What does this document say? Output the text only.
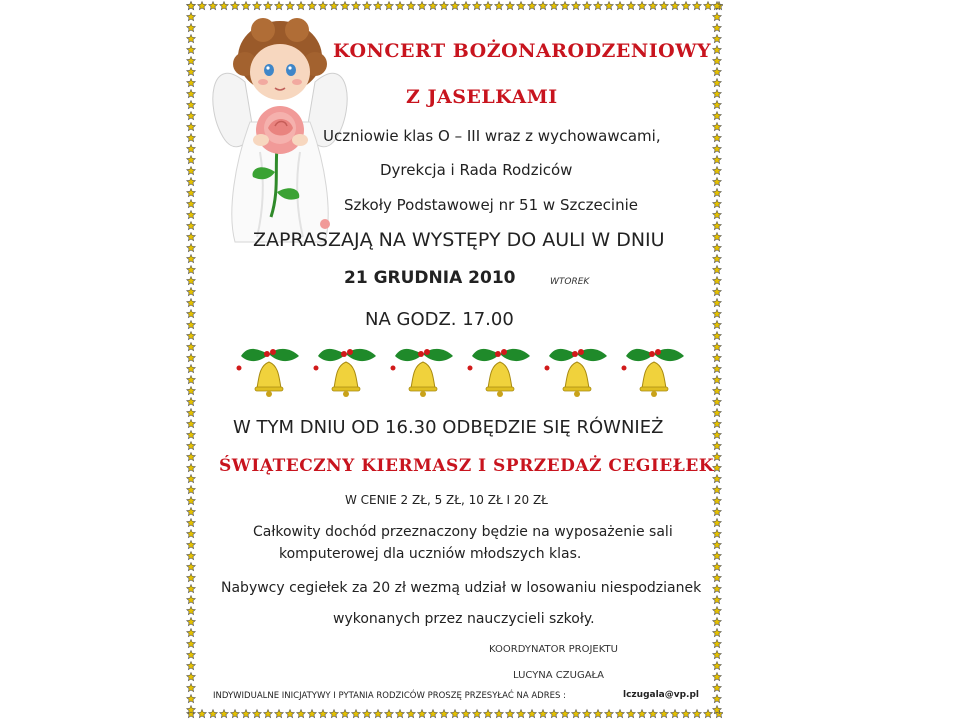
KONCERT BOŻONARODZENIOWY
Z JASELKAMI
Uczniowie klas O – III wraz z wychowawcami,
Dyrekcja i Rada Rodziców
Szkoły Podstawowej nr 51 w Szczecinie
ZAPRASZAJĄ NA WYSTĘPY DO AULI W DNIU
21 GRUDNIA 2010	WTOREK
NA GODZ. 17.00
W TYM DNIU OD 16.30 ODBĘDZIE SIĘ RÓWNIEŻ
ŚWIĄTECZNY KIERMASZ I SPRZEDAŻ CEGIEŁEK
W CENIE 2 ZŁ, 5 ZŁ, 10 ZŁ I 20 ZŁ
Całkowity dochód przeznaczony będzie na wyposażenie sali
komputerowej dla uczniów młodszych klas.
Nabywcy cegiełek za 20 zł wezmą udział w losowaniu niespodzianek
wykonanych przez nauczycieli szkoły.
KOORDYNATOR PROJEKTU
LUCYNA CZUGAŁA
INDYWIDUALNE INICJATYWY I PYTANIA RODZICÓW PROSZĘ PRZESYŁAĆ NA ADRES :	lczugala@vp.pl
